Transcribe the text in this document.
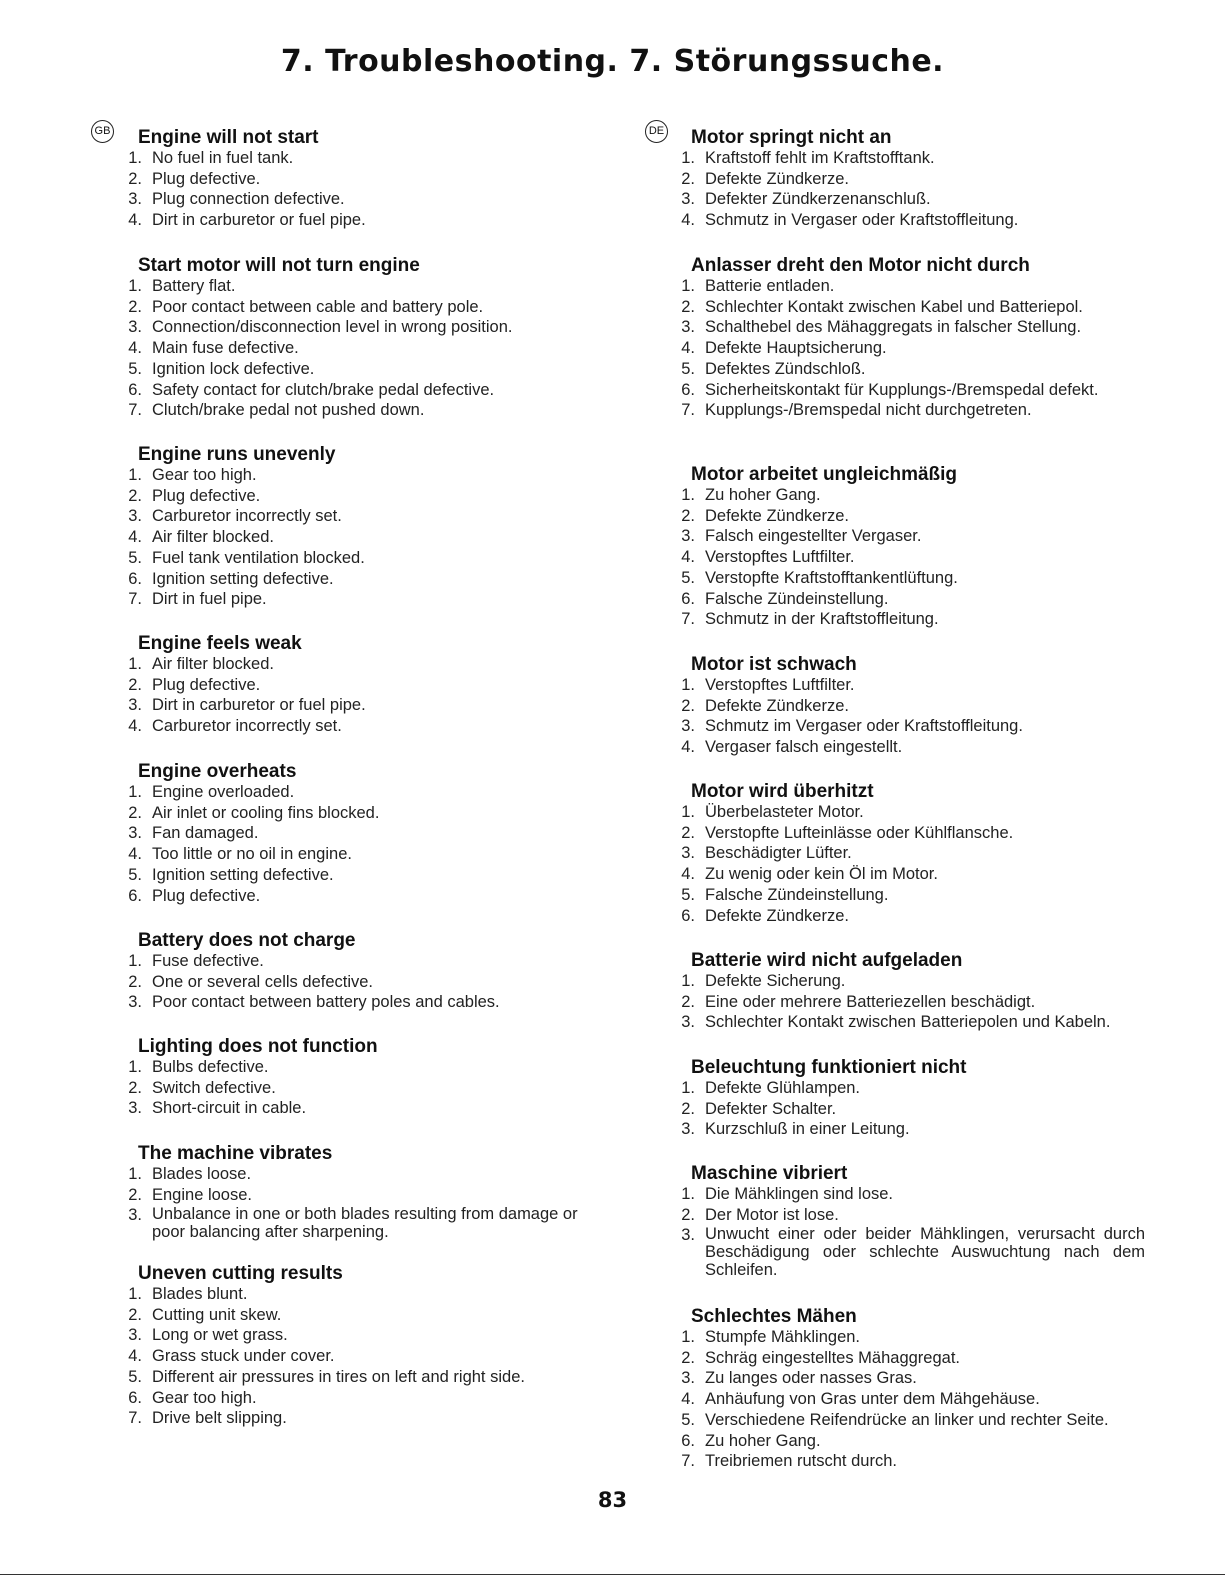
7. Troubleshooting. 7. Störungssuche.
GB Engine will not start
1. No fuel in fuel tank.
2. Plug defective.
3. Plug connection defective.
4. Dirt in carburetor or fuel pipe.
Start motor will not turn engine
1. Battery flat.
2. Poor contact between cable and battery pole.
3. Connection/disconnection level in wrong position.
4. Main fuse defective.
5. Ignition lock defective.
6. Safety contact for clutch/brake pedal defective.
7. Clutch/brake pedal not pushed down.
Engine runs unevenly
1. Gear too high.
2. Plug defective.
3. Carburetor incorrectly set.
4. Air filter blocked.
5. Fuel tank ventilation blocked.
6. Ignition setting defective.
7. Dirt in fuel pipe.
Engine feels weak
1. Air filter blocked.
2. Plug defective.
3. Dirt in carburetor or fuel pipe.
4. Carburetor incorrectly set.
Engine overheats
1. Engine overloaded.
2. Air inlet or cooling fins blocked.
3. Fan damaged.
4. Too little or no oil in engine.
5. Ignition setting defective.
6. Plug defective.
Battery does not charge
1. Fuse defective.
2. One or several cells defective.
3. Poor contact between battery poles and cables.
Lighting does not function
1. Bulbs defective.
2. Switch defective.
3. Short-circuit in cable.
The machine vibrates
1. Blades loose.
2. Engine loose.
3. Unbalance in one or both blades resulting from damage or poor balancing after sharpening.
Uneven cutting results
1. Blades blunt.
2. Cutting unit skew.
3. Long or wet grass.
4. Grass stuck under cover.
5. Different air pressures in tires on left and right side.
6. Gear too high.
7. Drive belt slipping.
DE Motor springt nicht an
1. Kraftstoff fehlt im Kraftstofftank.
2. Defekte Zündkerze.
3. Defekter Zündkerzenanschluß.
4. Schmutz in Vergaser oder Kraftstoffleitung.
Anlasser dreht den Motor nicht durch
1. Batterie entladen.
2. Schlechter Kontakt zwischen Kabel und Batteriepol.
3. Schalthebel des Mähaggregats in falscher Stellung.
4. Defekte Hauptsicherung.
5. Defektes Zündschloß.
6. Sicherheitskontakt für Kupplungs-/Bremspedal defekt.
7. Kupplungs-/Bremspedal nicht durchgetreten.
Motor arbeitet ungleichmäßig
1. Zu hoher Gang.
2. Defekte Zündkerze.
3. Falsch eingestellter Vergaser.
4. Verstopftes Luftfilter.
5. Verstopfte Kraftstofftankentlüftung.
6. Falsche Zündeinstellung.
7. Schmutz in der Kraftstoffleitung.
Motor ist schwach
1. Verstopftes Luftfilter.
2. Defekte Zündkerze.
3. Schmutz im Vergaser oder Kraftstoffleitung.
4. Vergaser falsch eingestellt.
Motor wird überhitzt
1. Überbelasteter Motor.
2. Verstopfte Lufteinlässe oder Kühlflansche.
3. Beschädigter Lüfter.
4. Zu wenig oder kein Öl im Motor.
5. Falsche Zündeinstellung.
6. Defekte Zündkerze.
Batterie wird nicht aufgeladen
1. Defekte Sicherung.
2. Eine oder mehrere Batteriezellen beschädigt.
3. Schlechter Kontakt zwischen Batteriepolen und Kabeln.
Beleuchtung funktioniert nicht
1. Defekte Glühlampen.
2. Defekter Schalter.
3. Kurzschluß in einer Leitung.
Maschine vibriert
1. Die Mähklingen sind lose.
2. Der Motor ist lose.
3. Unwucht einer oder beider Mähklingen, verursacht durch Beschädigung oder schlechte Auswuchtung nach dem Schleifen.
Schlechtes Mähen
1. Stumpfe Mähklingen.
2. Schräg eingestelltes Mähaggregat.
3. Zu langes oder nasses Gras.
4. Anhäufung von Gras unter dem Mähgehäuse.
5. Verschiedene Reifendrücke an linker und rechter Seite.
6. Zu hoher Gang.
7. Treibriemen rutscht durch.
83
